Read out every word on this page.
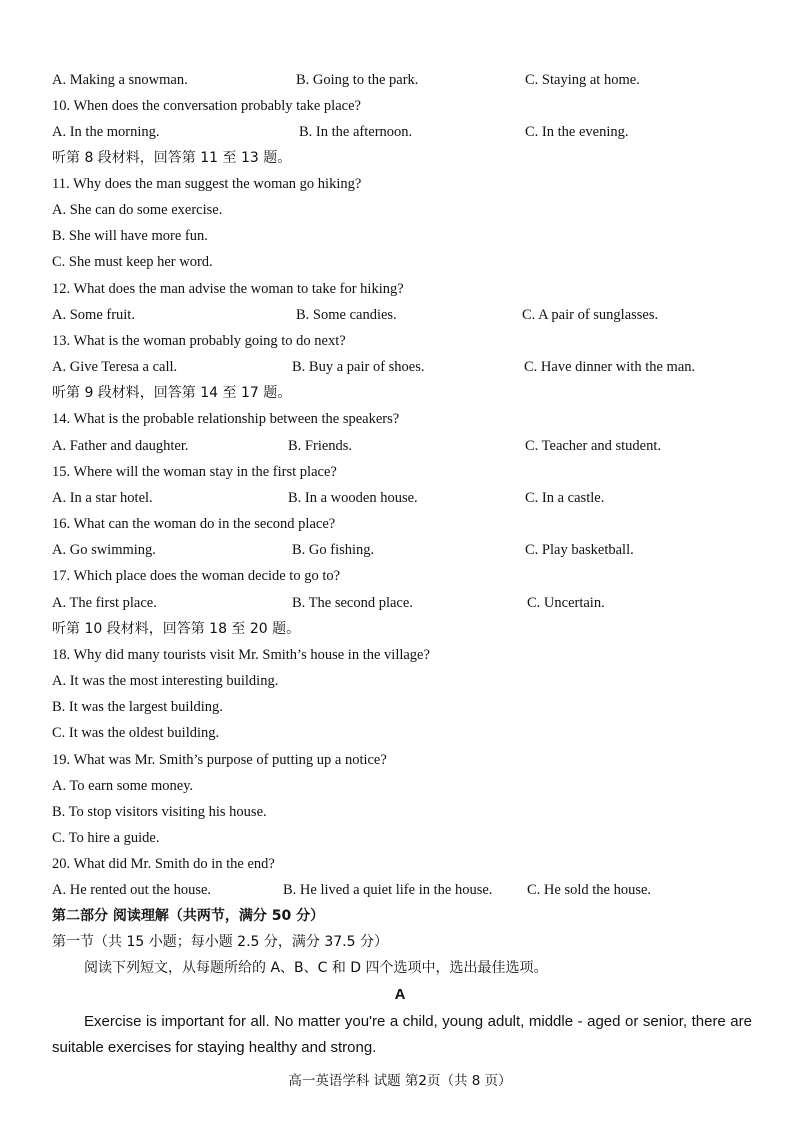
A. Making a snowman.	B. Going to the park.	C. Staying at home.
10. When does the conversation probably take place?
A. In the morning.	B. In the afternoon.	C. In the evening.
听第 8 段材料，回答第 11 至 13 题。
11. Why does the man suggest the woman go hiking?
A. She can do some exercise.
B. She will have more fun.
C. She must keep her word.
12. What does the man advise the woman to take for hiking?
A. Some fruit.	B. Some candies.	C. A pair of sunglasses.
13. What is the woman probably going to do next?
A. Give Teresa a call.	B. Buy a pair of shoes.	C. Have dinner with the man.
听第 9 段材料，回答第 14 至 17 题。
14. What is the probable relationship between the speakers?
A. Father and daughter.	B. Friends.	C. Teacher and student.
15. Where will the woman stay in the first place?
A. In a star hotel.	B. In a wooden house.	C. In a castle.
16. What can the woman do in the second place?
A. Go swimming.	B. Go fishing.	C. Play basketball.
17. Which place does the woman decide to go to?
A. The first place.	B. The second place.	C. Uncertain.
听第 10 段材料，回答第 18 至 20 题。
18. Why did many tourists visit Mr. Smith’s house in the village?
A. It was the most interesting building.
B. It was the largest building.
C. It was the oldest building.
19. What was Mr. Smith’s purpose of putting up a notice?
A. To earn some money.
B. To stop visitors visiting his house.
C. To hire a guide.
20. What did Mr. Smith do in the end?
A. He rented out the house.	B. He lived a quiet life in the house. C. He sold the house.
第二部分 阅读理解（共两节，满分 50 分）
第一节（共 15 小题；每小题 2.5 分，满分 37.5 分）
阅读下列短文，从每题所给的 A、B、C 和 D 四个选项中，选出最佳选项。
A
Exercise is important for all. No matter you're a child, young adult, middle - aged or senior, there are suitable exercises for staying healthy and strong.
高一英语学科 试题 第2页（共 8 页）
